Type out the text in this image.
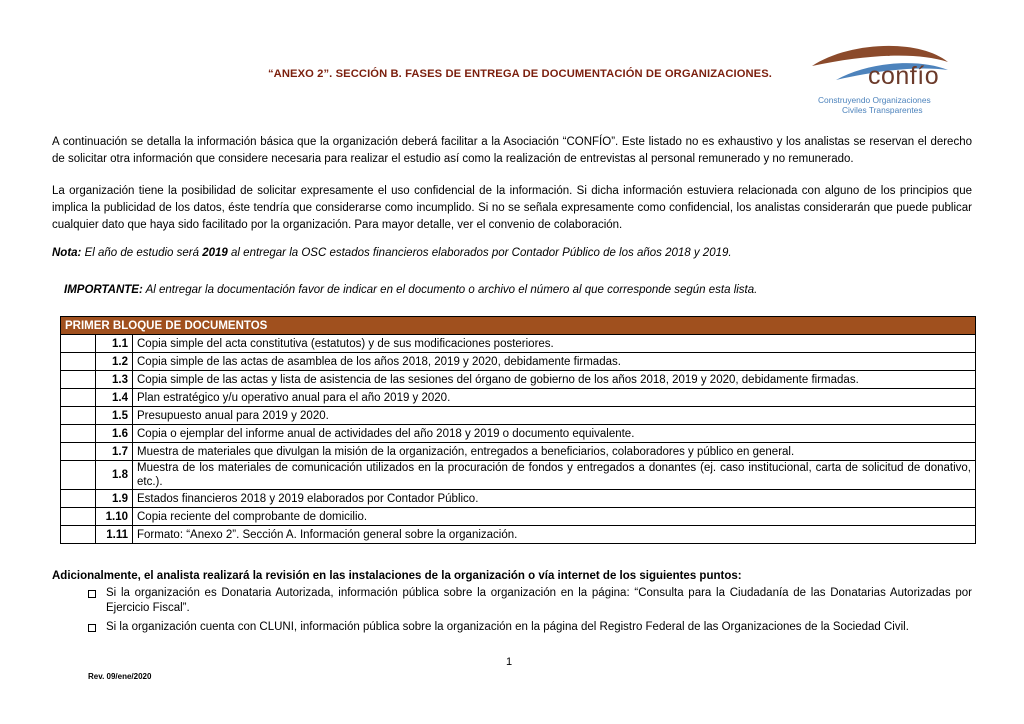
“ANEXO 2”. SECCIÓN B. FASES DE ENTREGA DE DOCUMENTACIÓN DE ORGANIZACIONES.	confío
Construyendo Organizaciones
Civiles Transparentes
A continuación se detalla la información básica que la organización deberá facilitar a la Asociación “CONFÍO”. Este listado no es exhaustivo y los analistas se reservan el derecho de solicitar otra información que considere necesaria para realizar el estudio así como la realización de entrevistas al personal remunerado y no remunerado.
La organización tiene la posibilidad de solicitar expresamente el uso confidencial de la información. Si dicha información estuviera relacionada con alguno de los principios que implica la publicidad de los datos, éste tendría que considerarse como incumplido. Si no se señala expresamente como confidencial, los analistas considerarán que puede publicar cualquier dato que haya sido facilitado por la organización. Para mayor detalle, ver el convenio de colaboración.
Nota: El año de estudio será 2019 al entregar la OSC estados financieros elaborados por Contador Público de los años 2018 y 2019.
IMPORTANTE: Al entregar la documentación favor de indicar en el documento o archivo el número al que corresponde según esta lista.
PRIMER BLOQUE DE DOCUMENTOS		
	1.1	Copia simple del acta constitutiva (estatutos) y de sus modificaciones posteriores.
	1.2	Copia simple de las actas de asamblea de los años 2018, 2019 y 2020, debidamente firmadas.
	1.3	Copia simple de las actas y lista de asistencia de las sesiones del órgano de gobierno de los años 2018, 2019 y 2020, debidamente firmadas.
	1.4	Plan estratégico y/u operativo anual para el año 2019 y 2020.
	1.5	Presupuesto anual para 2019 y 2020.
	1.6	Copia o ejemplar del informe anual de actividades del año 2018 y 2019 o documento equivalente.
	1.7	Muestra de materiales que divulgan la misión de la organización, entregados a beneficiarios, colaboradores y público en general.
	1.8	Muestra de los materiales de comunicación utilizados en la procuración de fondos y entregados a donantes (ej. caso institucional, carta de solicitud de donativo, etc.).
	1.9	Estados financieros 2018 y 2019 elaborados por Contador Público.
	1.10	Copia reciente del comprobante de domicilio.
	1.11	Formato: “Anexo 2”. Sección A. Información general sobre la organización.
Adicionalmente, el analista realizará la revisión en las instalaciones de la organización o vía internet de los siguientes puntos:
Si la organización es Donataria Autorizada, información pública sobre la organización en la página: “Consulta para la Ciudadanía de las Donatarias Autorizadas por Ejercicio Fiscal”.
Si la organización cuenta con CLUNI, información pública sobre la organización en la página del Registro Federal de las Organizaciones de la Sociedad Civil.
1
Rev. 09/ene/2020
